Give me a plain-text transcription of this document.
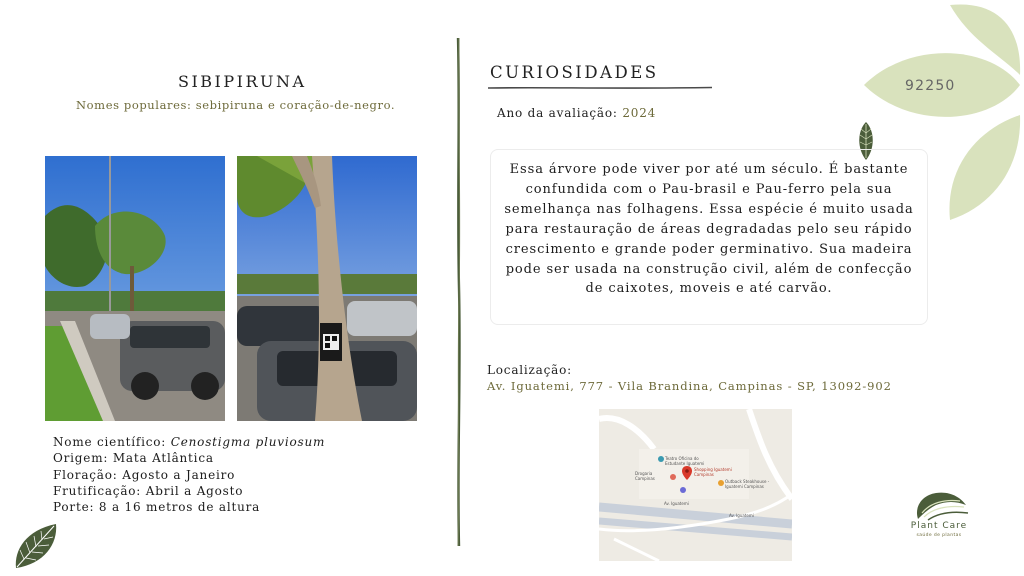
SIBIPIRUNA
Nomes populares: sebipiruna e coração-de-negro.
Nome científico: Cenostigma pluviosum
Origem: Mata Atlântica
Floração: Agosto a Janeiro
Frutificação: Abril a Agosto
Porte: 8 a 16 metros de altura
CURIOSIDADES
Ano da avaliação: 2024
92250
Essa árvore pode viver por até um século. É bastante confundida com o Pau-brasil e Pau-ferro pela sua semelhança nas folhagens. Essa espécie é muito usada para restauração de áreas degradadas pelo seu rápido crescimento e grande poder germinativo. Sua madeira pode ser usada na construção civil, além de confecção de caixotes, moveis e até carvão.
Localização:
Av. Iguatemi, 777 - Vila Brandina, Campinas - SP, 13092-902
Teatro Oficina do Estudante Iguatemi
Shopping Iguatemi Campinas
Outback Steakhouse - Iguatemi Campinas
Drogaria Campinas
Av. Iguatemi
Av. Iguatemi
Plant Care
saúde de plantas
